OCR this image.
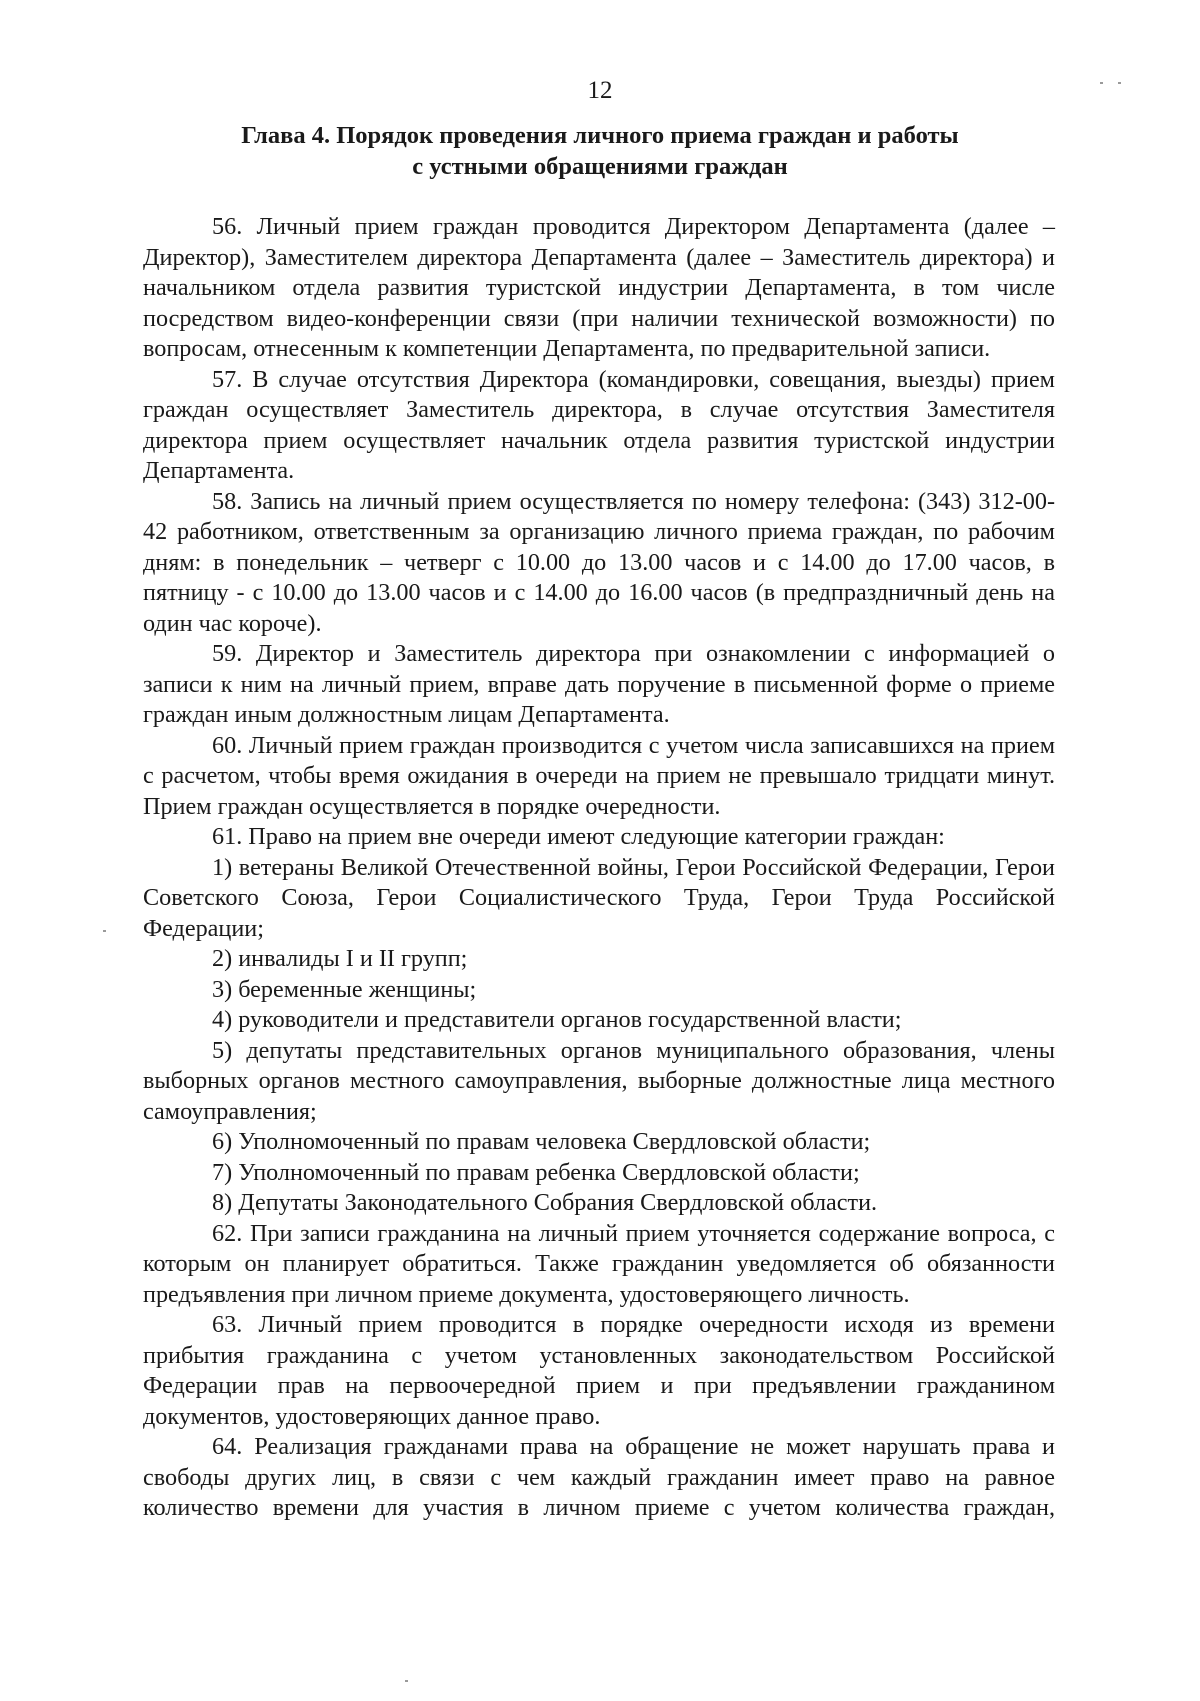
12
Глава 4. Порядок проведения личного приема граждан и работы
с устными обращениями граждан

56. Личный прием граждан проводится Директором Департамента (далее – Директор), Заместителем директора Департамента (далее – Заместитель директора) и начальником отдела развития туристской индустрии Департамента, в том числе посредством видео-конференции связи (при наличии технической возможности) по вопросам, отнесенным к компетенции Департамента, по предварительной записи.

57. В случае отсутствия Директора (командировки, совещания, выезды) прием граждан осуществляет Заместитель директора, в случае отсутствия Заместителя директора прием осуществляет начальник отдела развития туристской индустрии Департамента.

58. Запись на личный прием осуществляется по номеру телефона: (343) 312-00-42 работником, ответственным за организацию личного приема граждан, по рабочим дням: в понедельник – четверг с 10.00 до 13.00 часов и с 14.00 до 17.00 часов, в пятницу - с 10.00 до 13.00 часов и с 14.00 до 16.00 часов (в предпраздничный день на один час короче).

59. Директор и Заместитель директора при ознакомлении с информацией о записи к ним на личный прием, вправе дать поручение в письменной форме о приеме граждан иным должностным лицам Департамента.

60. Личный прием граждан производится с учетом числа записавшихся на прием с расчетом, чтобы время ожидания в очереди на прием не превышало тридцати минут. Прием граждан осуществляется в порядке очередности.

61. Право на прием вне очереди имеют следующие категории граждан:

1) ветераны Великой Отечественной войны, Герои Российской Федерации, Герои Советского Союза, Герои Социалистического Труда, Герои Труда Российской Федерации;

2) инвалиды I и II групп;

3) беременные женщины;

4) руководители и представители органов государственной власти;

5) депутаты представительных органов муниципального образования, члены выборных органов местного самоуправления, выборные должностные лица местного самоуправления;

6) Уполномоченный по правам человека Свердловской области;

7) Уполномоченный по правам ребенка Свердловской области;

8) Депутаты Законодательного Собрания Свердловской области.

62. При записи гражданина на личный прием уточняется содержание вопроса, с которым он планирует обратиться. Также гражданин уведомляется об обязанности предъявления при личном приеме документа, удостоверяющего личность.

63. Личный прием проводится в порядке очередности исходя из времени прибытия гражданина с учетом установленных законодательством Российской Федерации прав на первоочередной прием и при предъявлении гражданином документов, удостоверяющих данное право.

64. Реализация гражданами права на обращение не может нарушать права и свободы других лиц, в связи с чем каждый гражданин имеет право на равное количество времени для участия в личном приеме с учетом количества граждан,
